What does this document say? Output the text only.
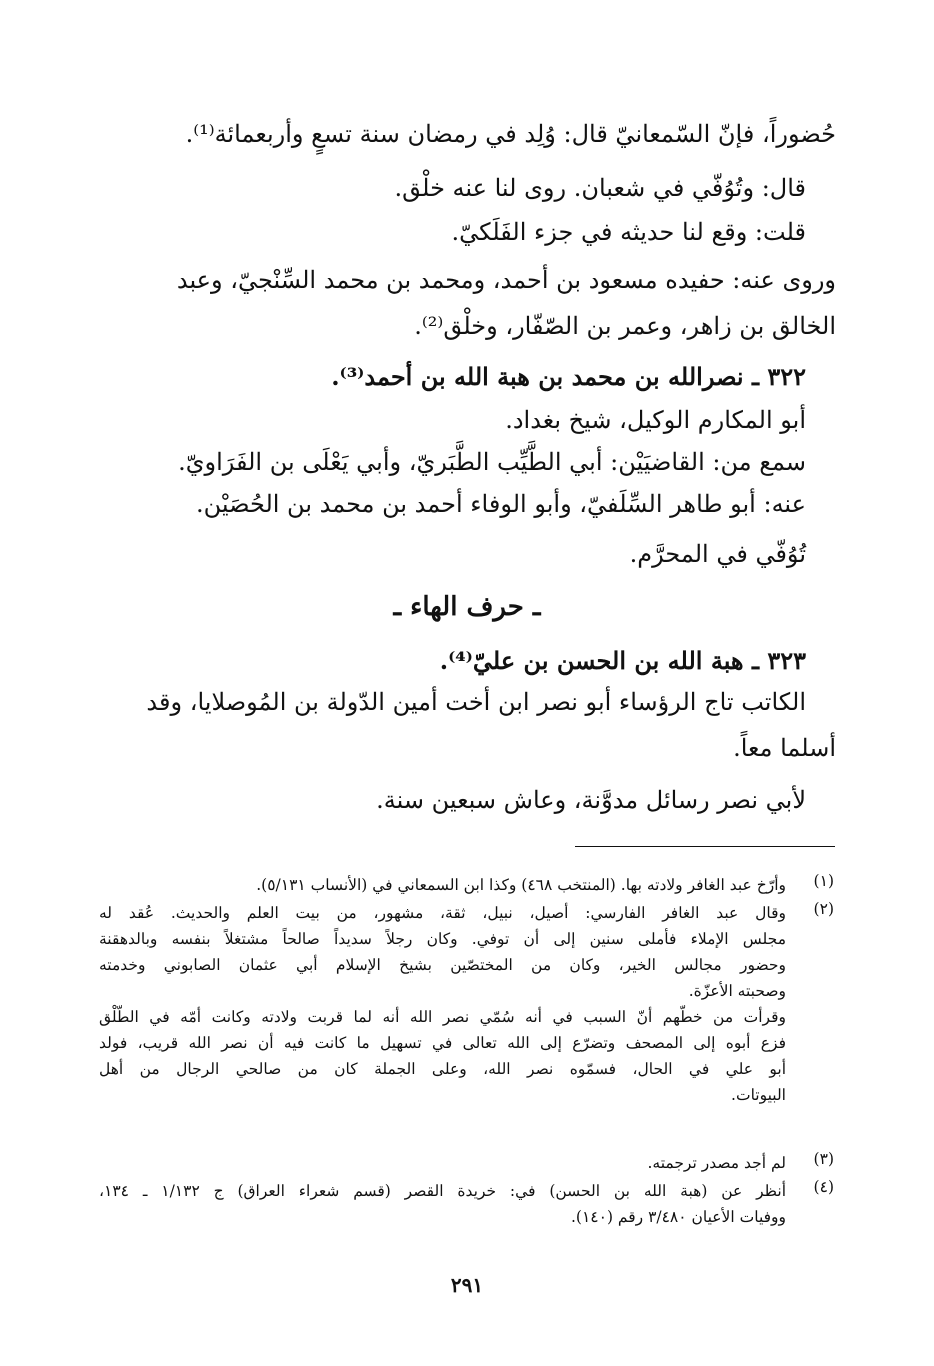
حُضوراً، فإنّ السّمعانيّ قال: وُلِد في رمضان سنة تسعٍ وأربعمائة⁽¹⁾.
قال: وتُوُفّي في شعبان. روى لنا عنه خلْق.
قلت: وقع لنا حديثه في جزء الفَلَكيّ.
وروى عنه: حفيده مسعود بن أحمد، ومحمد بن محمد السِّنْجيّ، وعبد
الخالق بن زاهر، وعمر بن الصّفّار، وخلْق⁽²⁾.
٣٢٢ ـ نصرالله بن محمد بن هبة الله بن أحمد⁽³⁾.
أبو المكارم الوكيل، شيخ بغداد.
سمع من: القاضيَيْن: أبي الطَّيِّب الطَّبَريّ، وأبي يَعْلَى بن الفَرَاويّ.
عنه: أبو طاهر السِّلَفيّ، وأبو الوفاء أحمد بن محمد بن الحُصَيْن.
تُوُفّي في المحرَّم.
ـ حرف الهاء ـ
٣٢٣ ـ هبة الله بن الحسن بن عليّ⁽⁴⁾.
الكاتب تاج الرؤساء أبو نصر ابن أخت أمين الدّولة بن المُوصلايا، وقد
أسلما معاً.
لأبي نصر رسائل مدوَّنة، وعاش سبعين سنة.
(١)
وأرّخ عبد الغافر ولادته بها. (المنتخب ٤٦٨) وكذا ابن السمعاني في (الأنساب ٥/١٣١).
(٢)
وقال عبد الغافر الفارسي: أصيل، نبيل، ثقة، مشهور، من بيت العلم والحديث. عُقد له
مجلس الإملاء فأملى سنين إلى أن توفي. وكان رجلاً سديداً صالحاً مشتغلاً بنفسه وبالدهقنة
وحضور مجالس الخير، وكان من المختصّين بشيخ الإسلام أبي عثمان الصابوني وخدمته
وصحبته الأعزّة.
وقرأت من خطّهم أنّ السبب في أنه سُمّي نصر الله أنه لما قربت ولادته وكانت أمّه في الطّلْق
فزع أبوه إلى المصحف وتضرّع إلى الله تعالى في تسهيل ما كانت فيه أن نصر الله قريب، فولد
أبو علي في الحال، فسمّوه نصر الله، وعلى الجملة كان من صالحي الرجال من أهل
البيوتات.
(٣)
لم أجد مصدر ترجمته.
(٤)
أنظر عن (هبة الله بن الحسن) في: خريدة القصر (قسم شعراء العراق) ج ١/١٣٢ ـ ١٣٤،
ووفيات الأعيان ٣/٤٨٠ رقم (١٤٠).
٢٩١
